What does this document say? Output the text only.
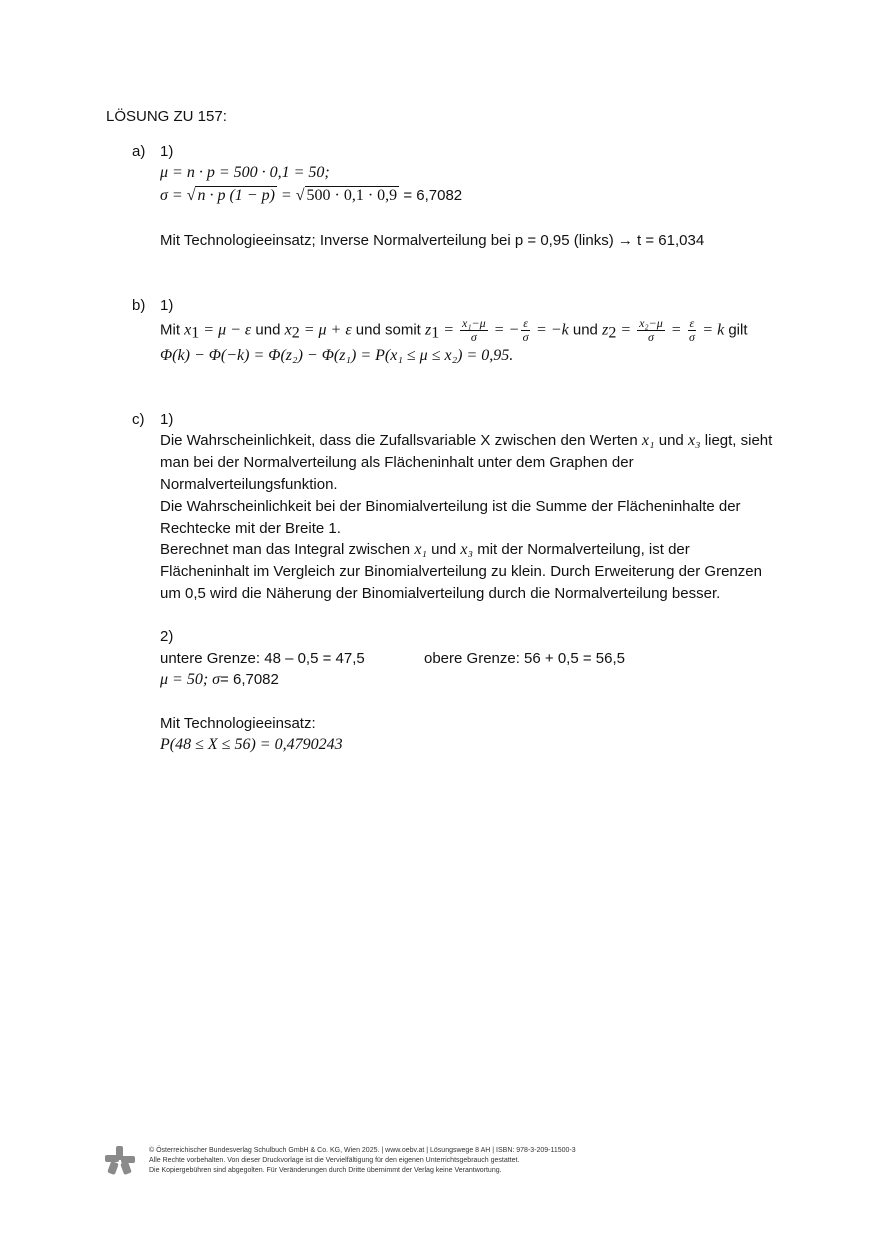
LÖSUNG ZU 157:
a) 1)
μ = n · p = 500 · 0,1 = 50;
σ = √ n · p (1 − p) = √ 500 · 0,1 · 0,9 = 6,7082
Mit Technologieeinsatz; Inverse Normalverteilung bei p = 0,95 (links) → t = 61,034
b) 1)
Mit $x_1 = \mu - \varepsilon$ und $x_2 = \mu + \varepsilon$ und somit $z_1 = \frac{\text{x₁−μ}}{\sigma}$ = − $\frac{\varepsilon}{\sigma} = -k$ und $z_2 = \frac{\text{x₂−μ}}{\sigma} = \frac{\varepsilon}{\sigma} = k$ gilt
Φ(k) − Φ(−k) = Φ(z₂) − Φ(z₁) = P(x₁ ≤ μ ≤ x₂) = 0,95.
c) 1)
Die Wahrscheinlichkeit, dass die Zufallsvariable X zwischen den Werten x₁ und x₃ liegt, sieht
man bei der Normalverteilung als Flächeninhalt unter dem Graphen der
Normalverteilungsfunktion.
Die Wahrscheinlichkeit bei der Binomialverteilung ist die Summe der Flächeninhalte der
Rechtecke mit der Breite 1.
Berechnet man das Integral zwischen x₁ und x₃ mit der Normalverteilung, ist der
Flächeninhalt im Vergleich zur Binomialverteilung zu klein. Durch Erweiterung der Grenzen
um 0,5 wird die Näherung der Binomialverteilung durch die Normalverteilung besser.
2)
untere Grenze: 48 – 0,5 = 47,5	obere Grenze: 56 + 0,5 = 56,5
μ = 50; σ= 6,7082
Mit Technologieeinsatz:
P(48 ≤ X ≤ 56) = 0,4790243
© Österreichischer Bundesverlag Schulbuch GmbH & Co. KG, Wien 2025. | www.oebv.at | Lösungswege 8 AH | ISBN: 978-3-209-11500-3
Alle Rechte vorbehalten. Von dieser Druckvorlage ist die Vervielfältigung für den eigenen Unterrichtsgebrauch gestattet.
Die Kopiergebühren sind abgegolten. Für Veränderungen durch Dritte übernimmt der Verlag keine Verantwortung.
